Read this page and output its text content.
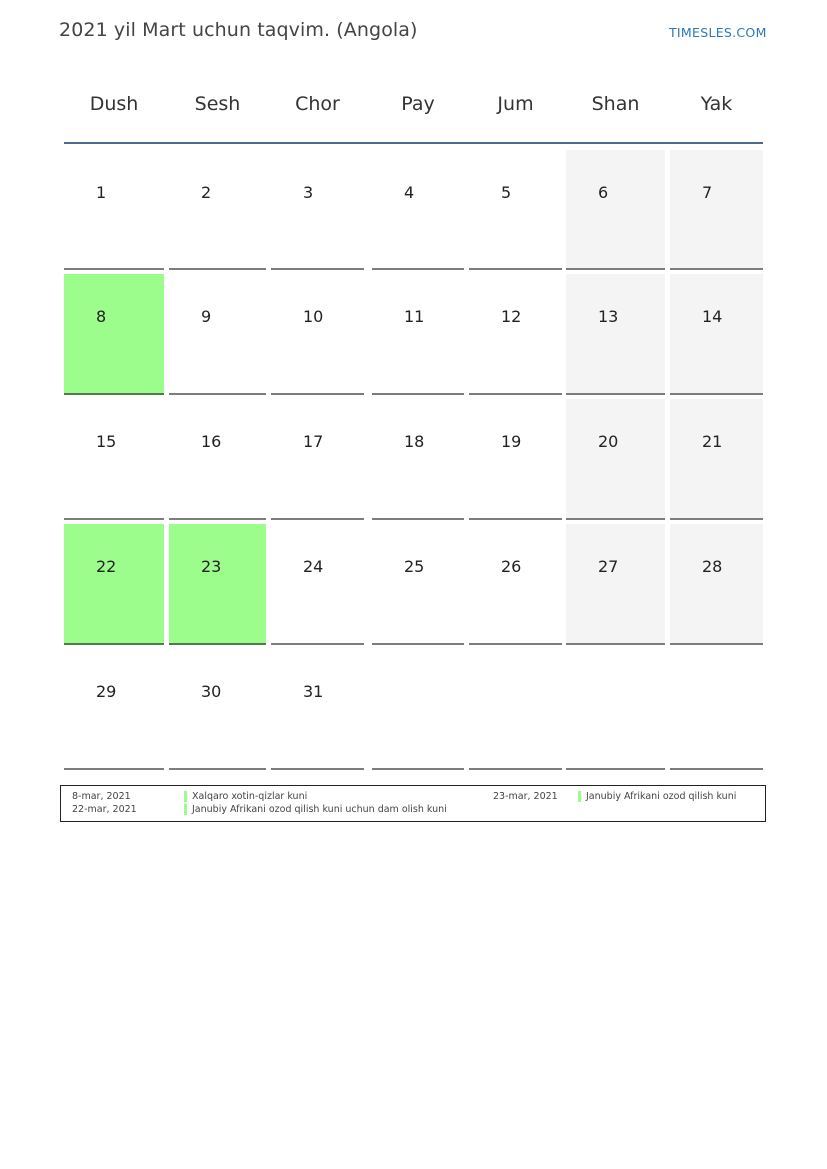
2021 yil Mart uchun taqvim. (Angola)	TIMESLES.COM
Dush	Sesh	Chor	Pay	Jum	Shan	Yak
1	2	3	4	5	6	7
8	9	10	11	12	13	14
15	16	17	18	19	20	21
22	23	24	25	26	27	28
29	30	31
8-mar, 2021	Xalqaro xotin-qizlar kuni
22-mar, 2021	Janubiy Afrikani ozod qilish kuni uchun dam olish kuni
23-mar, 2021	Janubiy Afrikani ozod qilish kuni
